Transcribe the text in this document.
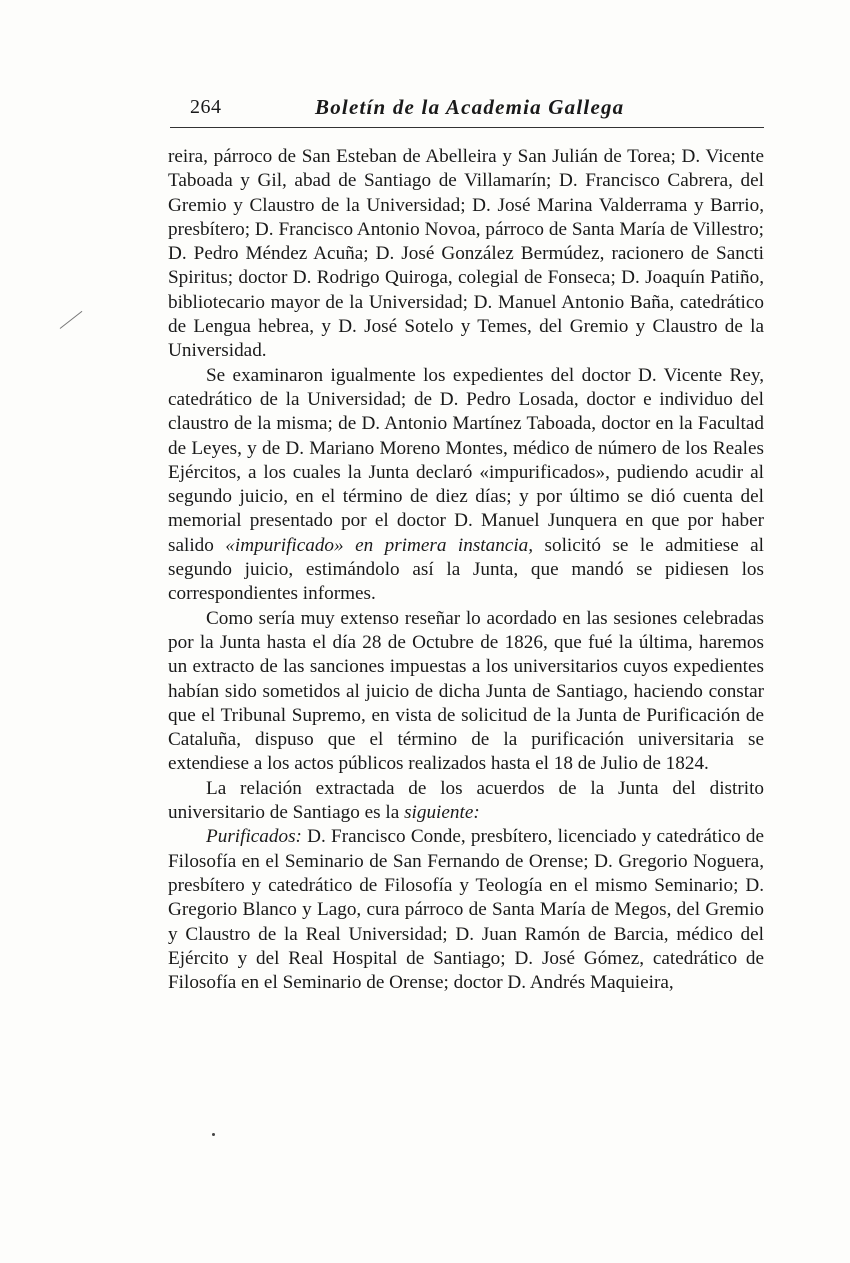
264	Boletín de la Academia Gallega

reira, párroco de San Esteban de Abelleira y San Julián de Torea; D. Vicente Taboada y Gil, abad de Santiago de Villamarín; D. Francisco Cabrera, del Gremio y Claustro de la Universidad; D. José Marina Valderrama y Barrio, presbítero; D. Francisco Antonio Novoa, párroco de Santa María de Villestro; D. Pedro Méndez Acuña; D. José González Bermúdez, racionero de Sancti Spiritus; doctor D. Rodrigo Quiroga, colegial de Fonseca; D. Joaquín Patiño, bibliotecario mayor de la Universidad; D. Manuel Antonio Baña, catedrático de Lengua hebrea, y D. José Sotelo y Temes, del Gremio y Claustro de la Universidad.

Se examinaron igualmente los expedientes del doctor D. Vicente Rey, catedrático de la Universidad; de D. Pedro Losada, doctor e individuo del claustro de la misma; de D. Antonio Martínez Taboada, doctor en la Facultad de Leyes, y de D. Mariano Moreno Montes, médico de número de los Reales Ejércitos, a los cuales la Junta declaró «impurificados», pudiendo acudir al segundo juicio, en el término de diez días; y por último se dió cuenta del memorial presentado por el doctor D. Manuel Junquera en que por haber salido «impurificado» en primera instancia, solicitó se le admitiese al segundo juicio, estimándolo así la Junta, que mandó se pidiesen los correspondientes informes.

Como sería muy extenso reseñar lo acordado en las sesiones celebradas por la Junta hasta el día 28 de Octubre de 1826, que fué la última, haremos un extracto de las sanciones impuestas a los universitarios cuyos expedientes habían sido sometidos al juicio de dicha Junta de Santiago, haciendo constar que el Tribunal Supremo, en vista de solicitud de la Junta de Purificación de Cataluña, dispuso que el término de la purificación universitaria se extendiese a los actos públicos realizados hasta el 18 de Julio de 1824.

La relación extractada de los acuerdos de la Junta del distrito universitario de Santiago es la siguiente:

Purificados: D. Francisco Conde, presbítero, licenciado y catedrático de Filosofía en el Seminario de San Fernando de Orense; D. Gregorio Noguera, presbítero y catedrático de Filosofía y Teología en el mismo Seminario; D. Gregorio Blanco y Lago, cura párroco de Santa María de Megos, del Gremio y Claustro de la Real Universidad; D. Juan Ramón de Barcia, médico del Ejército y del Real Hospital de Santiago; D. José Gómez, catedrático de Filosofía en el Seminario de Orense; doctor D. Andrés Maquieira,
